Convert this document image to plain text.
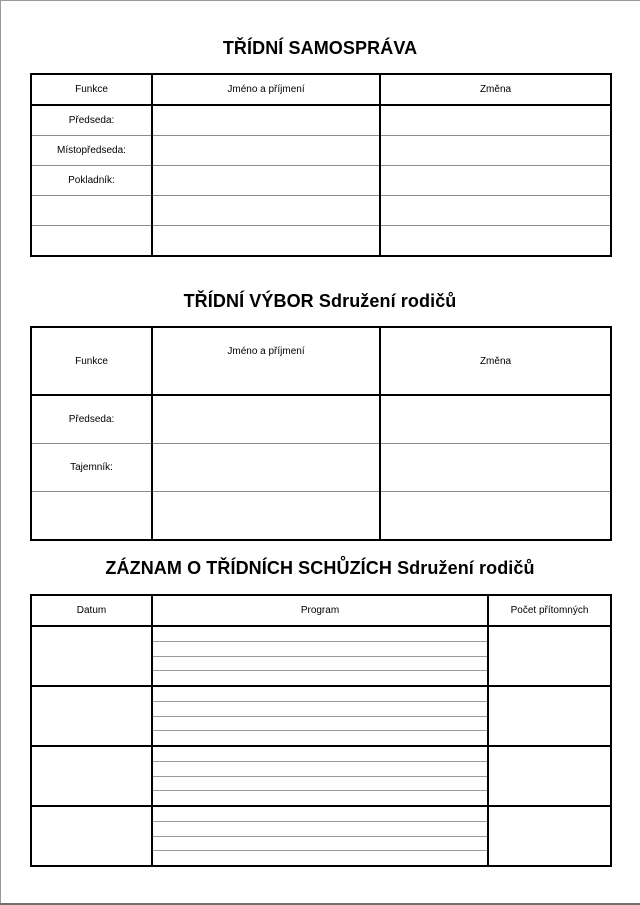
TŘÍDNÍ SAMOSPRÁVA
Funkce	Jméno a příjmení	Změna
Předseda:		
Místopředseda:		
Pokladník:		

TŘÍDNÍ VÝBOR Sdružení rodičů
Funkce	Jméno a příjmení	Změna
Předseda:		
Tajemník:		

ZÁZNAM O TŘÍDNÍCH SCHŮZÍCH Sdružení rodičů
Datum	Program	Počet přítomných
